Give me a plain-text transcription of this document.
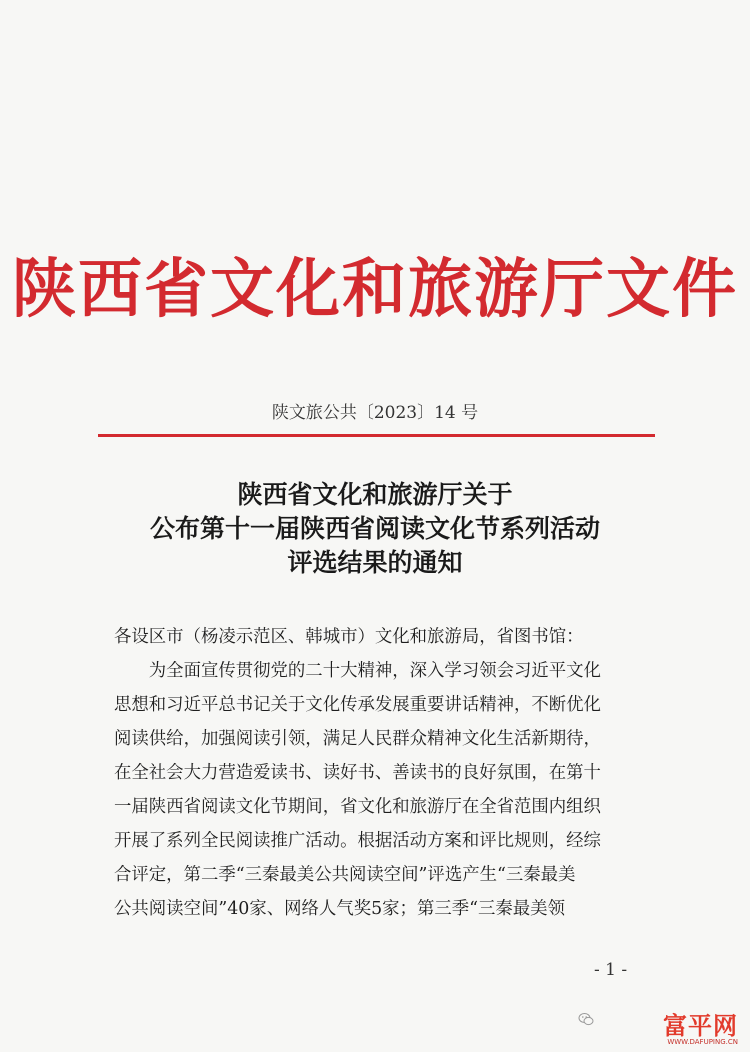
陕西省文化和旅游厅文件
陕文旅公共〔2023〕14 号
陕西省文化和旅游厅关于
公布第十一届陕西省阅读文化节系列活动
评选结果的通知
各设区市（杨凌示范区、韩城市）文化和旅游局，省图书馆：
　　为全面宣传贯彻党的二十大精神，深入学习领会习近平文化
思想和习近平总书记关于文化传承发展重要讲话精神，不断优化
阅读供给，加强阅读引领，满足人民群众精神文化生活新期待，
在全社会大力营造爱读书、读好书、善读书的良好氛围，在第十
一届陕西省阅读文化节期间，省文化和旅游厅在全省范围内组织
开展了系列全民阅读推广活动。根据活动方案和评比规则，经综
合评定，第二季“三秦最美公共阅读空间”评选产生“三秦最美
公共阅读空间”40家、网络人气奖5家；第三季“三秦最美领
- 1 -
富平网
WWW.DAFUPING.CN
